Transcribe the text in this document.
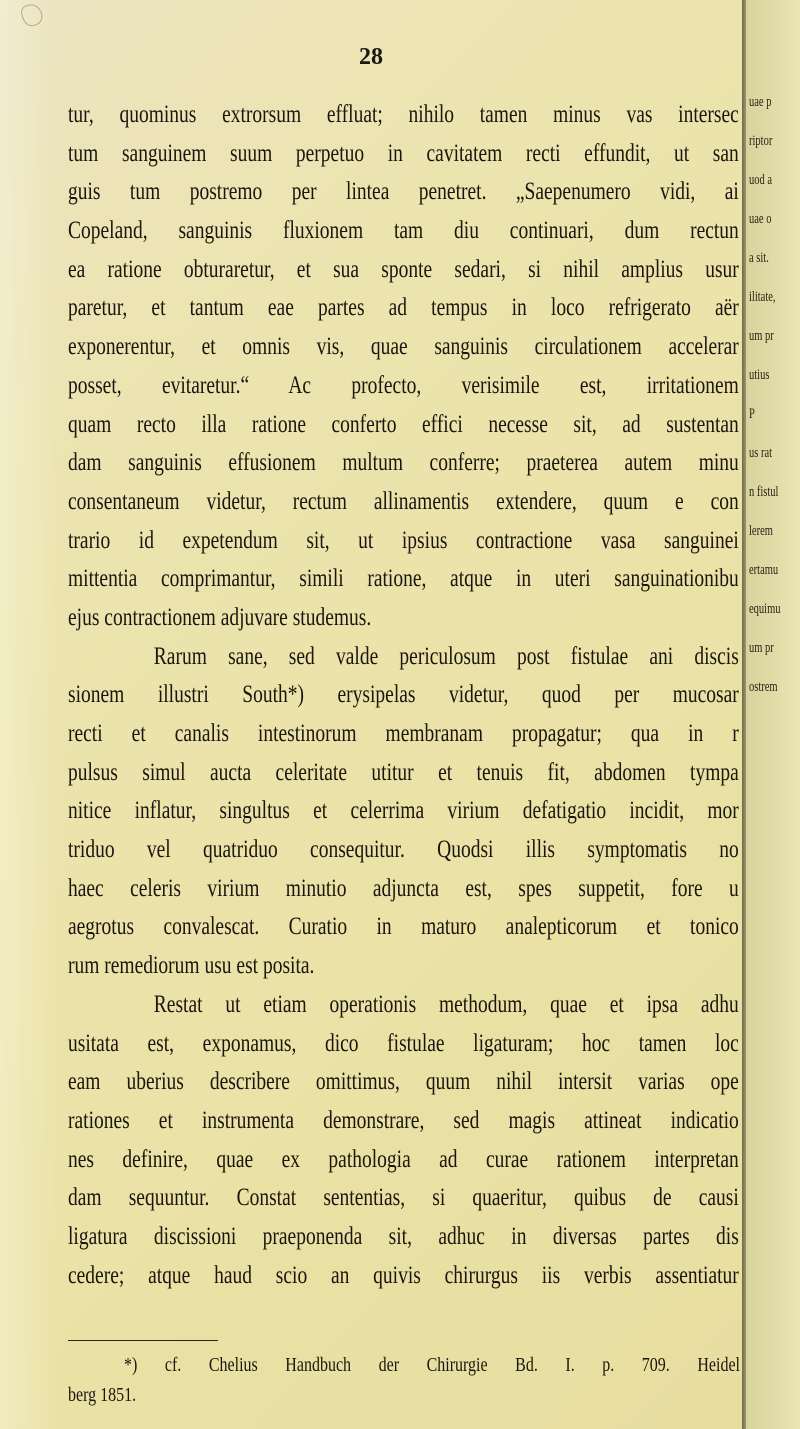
28
tur, quominus extrorsum effluat; nihilo tamen minus vas intersec
tum sanguinem suum perpetuo in cavitatem recti effundit, ut san
guis tum postremo per lintea penetret. „Saepenumero vidi, ai
Copeland, sanguinis fluxionem tam diu continuari, dum rectun
ea ratione obturaretur, et sua sponte sedari, si nihil amplius usur
paretur, et tantum eae partes ad tempus in loco refrigerato aër
exponerentur, et omnis vis, quae sanguinis circulationem accelerar
posset, evitaretur.“ Ac profecto, verisimile est, irritationem
quam recto illa ratione conferto effici necesse sit, ad sustentan
dam sanguinis effusionem multum conferre; praeterea autem minu
consentaneum videtur, rectum allinamentis extendere, quum e con
trario id expetendum sit, ut ipsius contractione vasa sanguinei
mittentia comprimantur, simili ratione, atque in uteri sanguinationibu
ejus contractionem adjuvare studemus.
Rarum sane, sed valde periculosum post fistulae ani discis
sionem illustri South*) erysipelas videtur, quod per mucosar
recti et canalis intestinorum membranam propagatur; qua in r
pulsus simul aucta celeritate utitur et tenuis fit, abdomen tympa
nitice inflatur, singultus et celerrima virium defatigatio incidit, mor
triduo vel quatriduo consequitur. Quodsi illis symptomatis no
haec celeris virium minutio adjuncta est, spes suppetit, fore u
aegrotus convalescat. Curatio in maturo analepticorum et tonico
rum remediorum usu est posita.
Restat ut etiam operationis methodum, quae et ipsa adhu
usitata est, exponamus, dico fistulae ligaturam; hoc tamen loc
eam uberius describere omittimus, quum nihil intersit varias ope
rationes et instrumenta demonstrare, sed magis attineat indicatio
nes definire, quae ex pathologia ad curae rationem interpretan
dam sequuntur. Constat sententias, si quaeritur, quibus de causi
ligatura discissioni praeponenda sit, adhuc in diversas partes dis
cedere; atque haud scio an quivis chirurgus iis verbis assentiatur
*) cf. Chelius Handbuch der Chirurgie Bd. I. p. 709. Heidel
berg 1851.
uae p
riptor
uod a
uae o
a sit.
ilitate,
um pr
utius
P
us rat
n fistul
lerem
ertamu
equimu
um pr
ostrem
